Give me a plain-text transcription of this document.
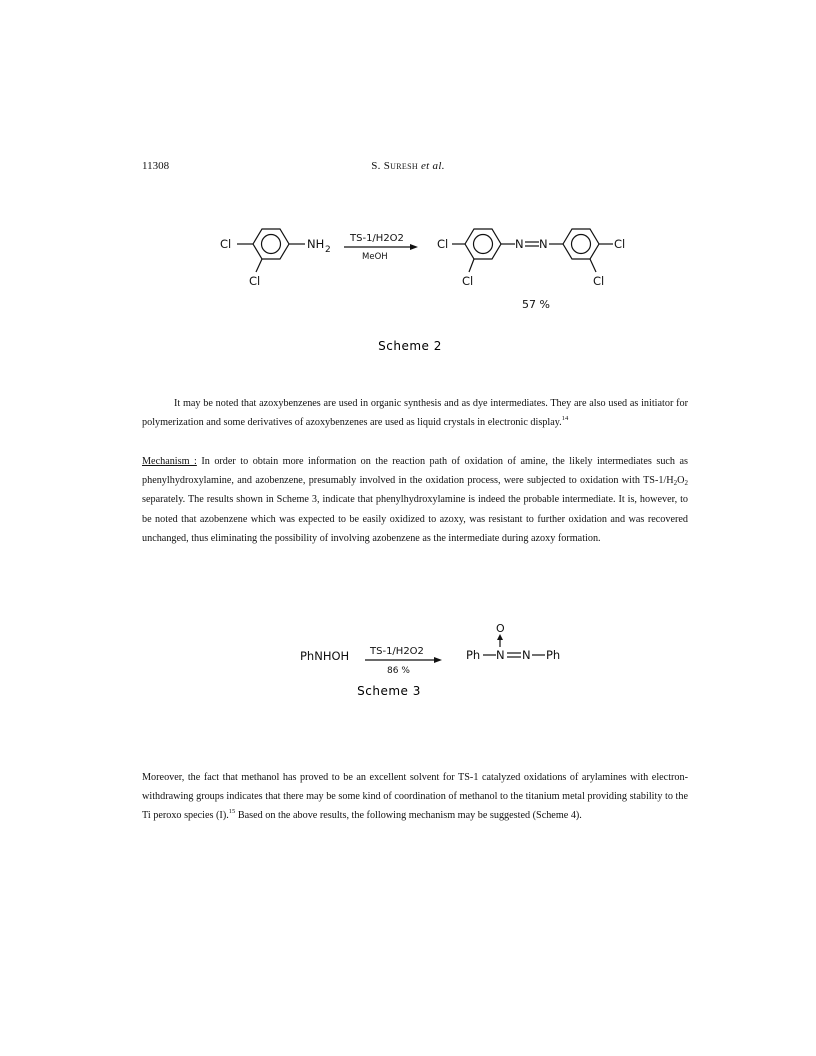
11308	S. Suresh et al.
Cl	NH 2
Cl
Cl
Cl
N N	Cl
Cl
TS-1/H2O2
MeOH
57 %
Scheme 2
PhNHOH TS-1/H2O2
86 %
O
Ph N N Ph
Scheme 3

It may be noted that azoxybenzenes are used in organic synthesis and as dye intermediates. They are also used as initiator for polymerization and some derivatives of azoxybenzenes are used as liquid crystals in electronic display.$^{14}$

Mechanism : In order to obtain more information on the reaction path of oxidation of amine, the likely intermediates such as phenylhydroxylamine, and azobenzene, presumably involved in the oxidation process, were subjected to oxidation with $TS-1/H_2O_2$ separately. The results shown in Scheme 3, indicate that phenylhydroxylamine is indeed the probable intermediate. It is, however, to be noted that azobenzene which was expected to be easily oxidized to azoxy, was resistant to further oxidation and was recovered unchanged, thus eliminating the possibility of involving azobenzene as the intermediate during azoxy formation.

Moreover, the fact that methanol has proved to be an excellent solvent for TS-1 catalyzed oxidations of arylamines with electron-withdrawing groups indicates that there may be some kind of coordination of methanol to the titanium metal providing stability to the Ti peroxo species (I).$^{15}$ Based on the above results, the following mechanism may be suggested (Scheme 4).
